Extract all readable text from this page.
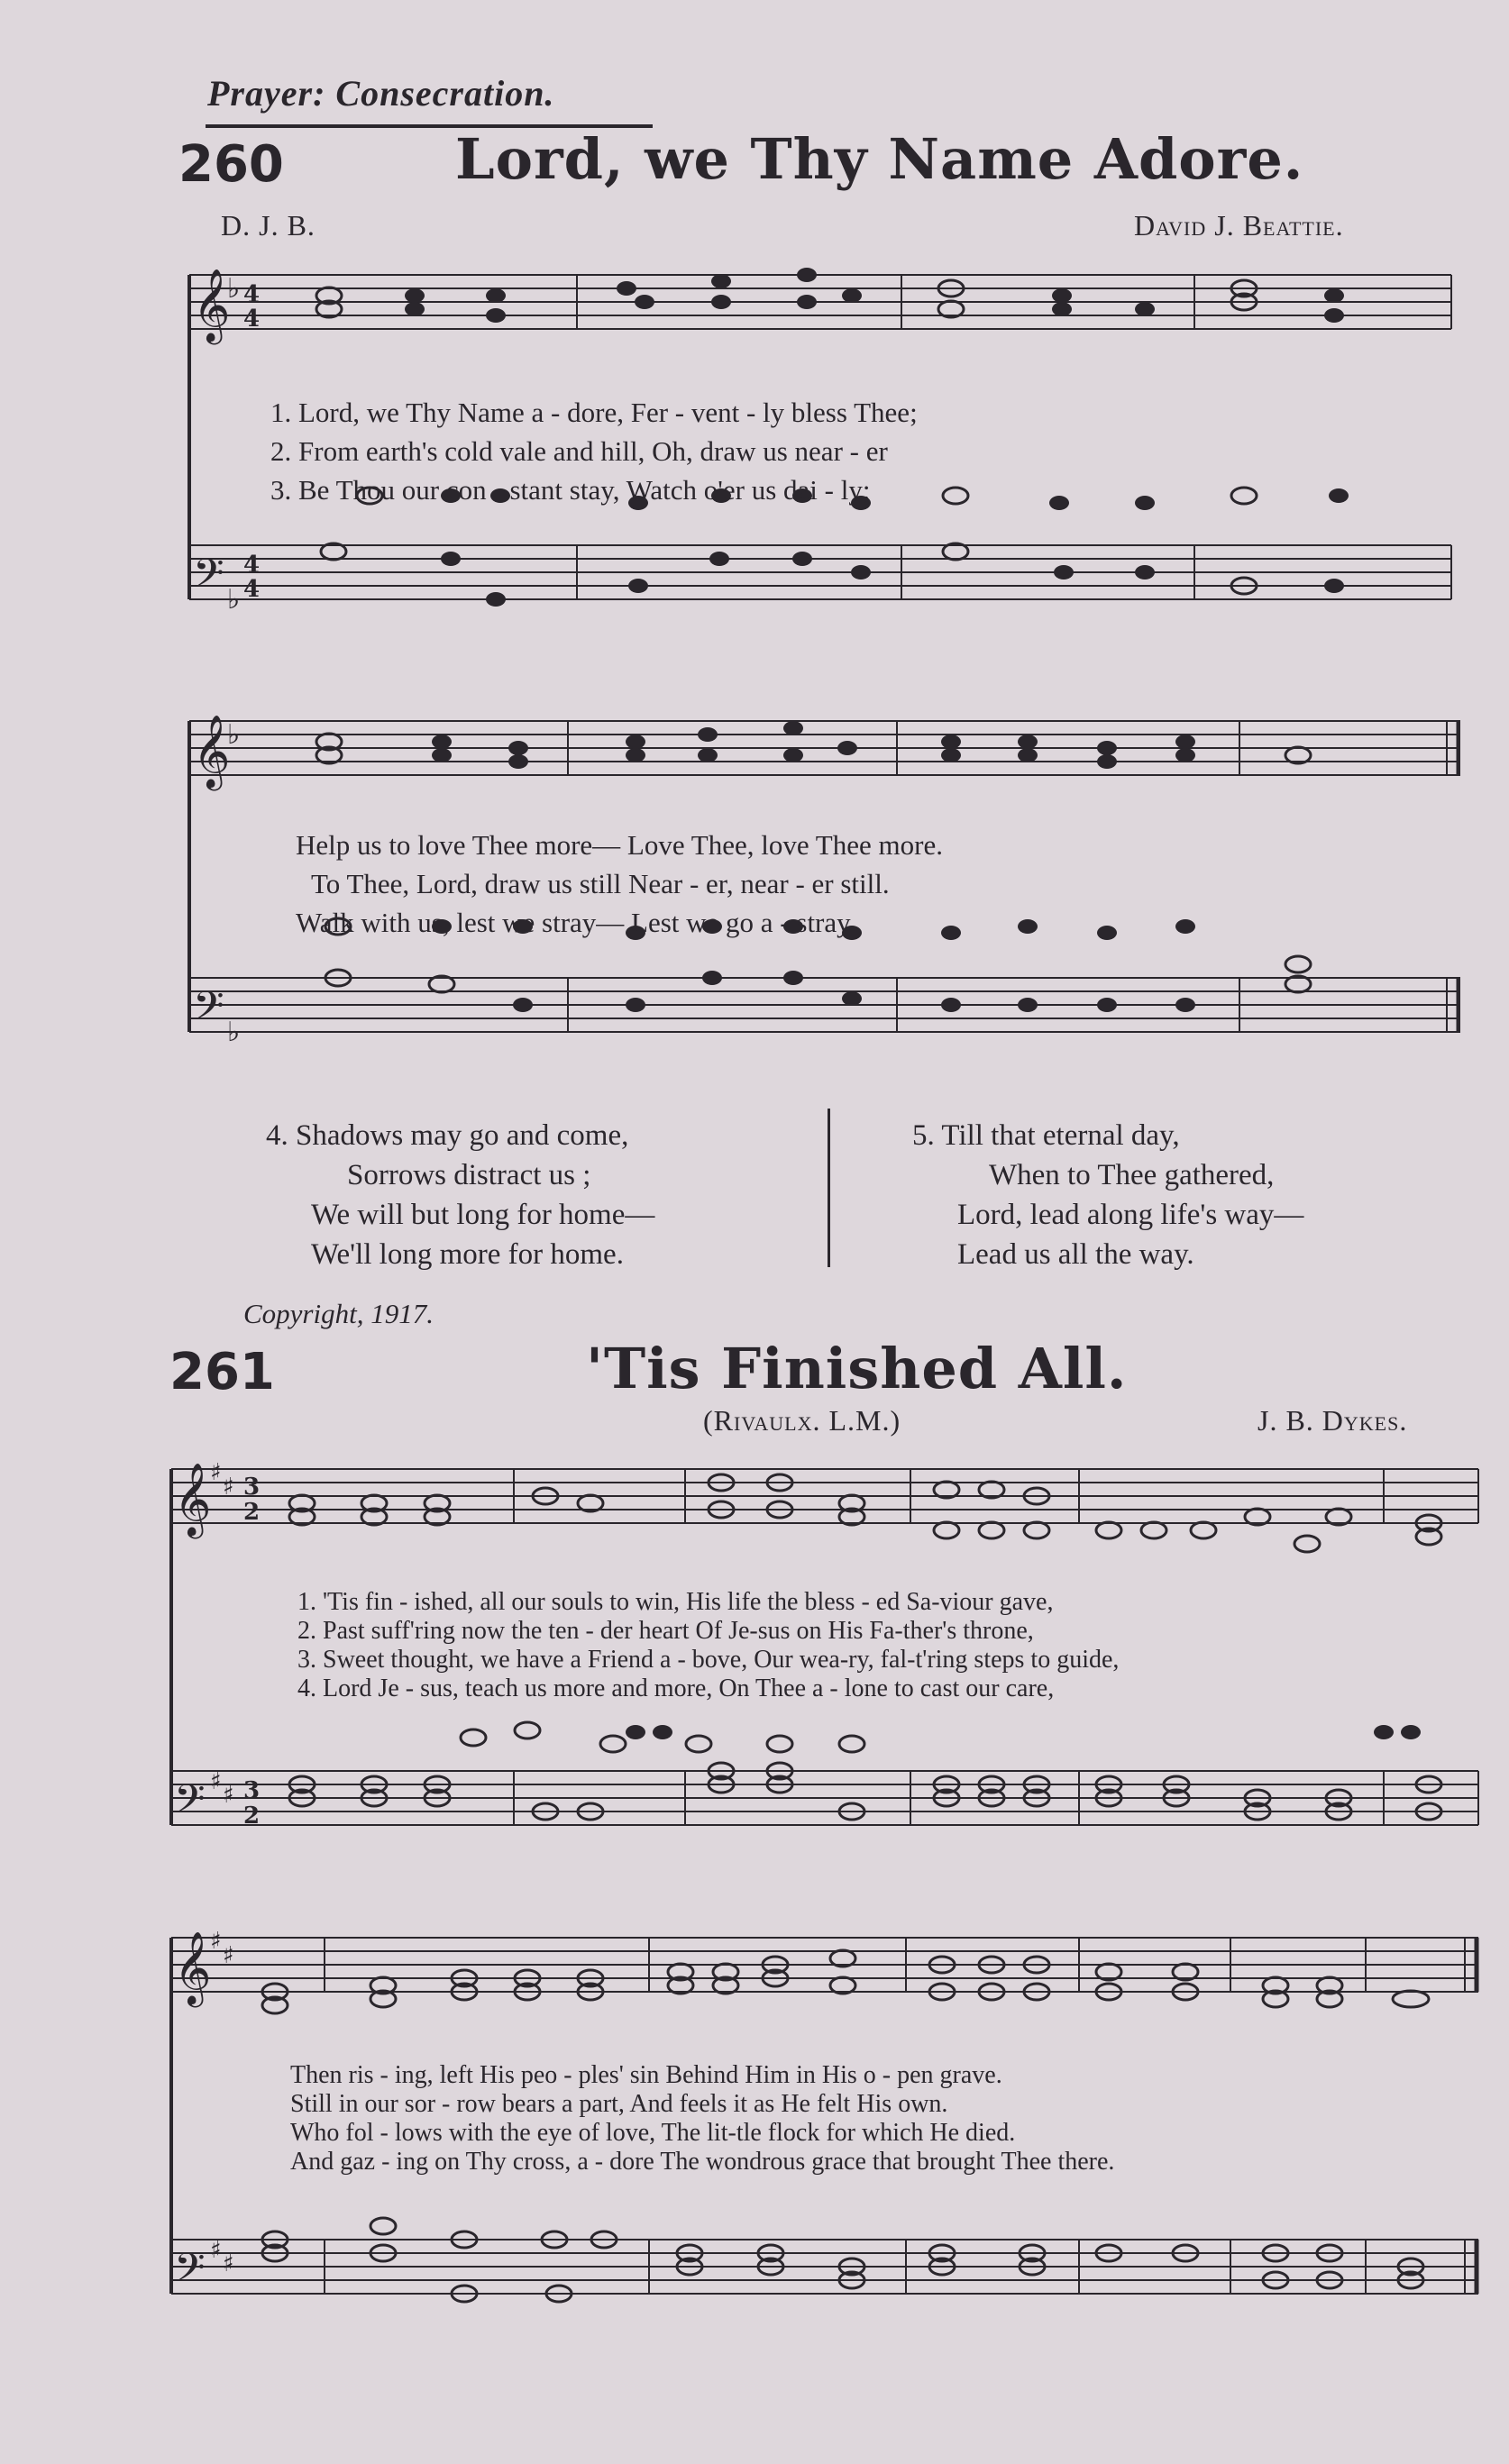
Prayer: Consecration.
260	Lord, we Thy Name Adore.
D. J. B.	David J. Beattie.
𝄞
♭ 4
4
𝄢 ♭
4
4
1. Lord, we Thy Name a - dore, Fer - vent - ly bless Thee;
2. From earth's cold vale and hill, Oh, draw us near - er
3. Be Thou our con - stant stay, Watch o'er us dai - ly;
𝄞
♭
𝄢 ♭
Help us to love Thee more— Love Thee, love Thee more.
To Thee, Lord, draw us still Near - er, near - er still.
Walk with us, lest we stray— Lest we go a - stray.
4. Shadows may go and come,
Sorrows distract us ;
We will but long for home—
We'll long more for home.
5. Till that eternal day,
When to Thee gathered,
Lord, lead along life's way—
Lead us all the way.
Copyright, 1917.
261	'Tis Finished All.
(Rivaulx. L.M.)	J. B. Dykes.
𝄞
♯
♯ 3
2
𝄢 ♯ ♯ 3
2
1. 'Tis fin - ished, all our souls to win, His life the bless - ed Sa-viour gave,
2. Past suff'ring now the ten - der heart Of Je-sus on His Fa-ther's throne,
3. Sweet thought, we have a Friend a - bove, Our wea-ry, fal-t'ring steps to guide,
4. Lord Je - sus, teach us more and more, On Thee a - lone to cast our care,
𝄞
♯
♯
𝄢 ♯ ♯
Then ris - ing, left His peo - ples' sin Behind Him in His o - pen grave.
Still in our sor - row bears a part, And feels it as He felt His own.
Who fol - lows with the eye of love, The lit-tle flock for which He died.
And gaz - ing on Thy cross, a - dore The wondrous grace that brought Thee there.
